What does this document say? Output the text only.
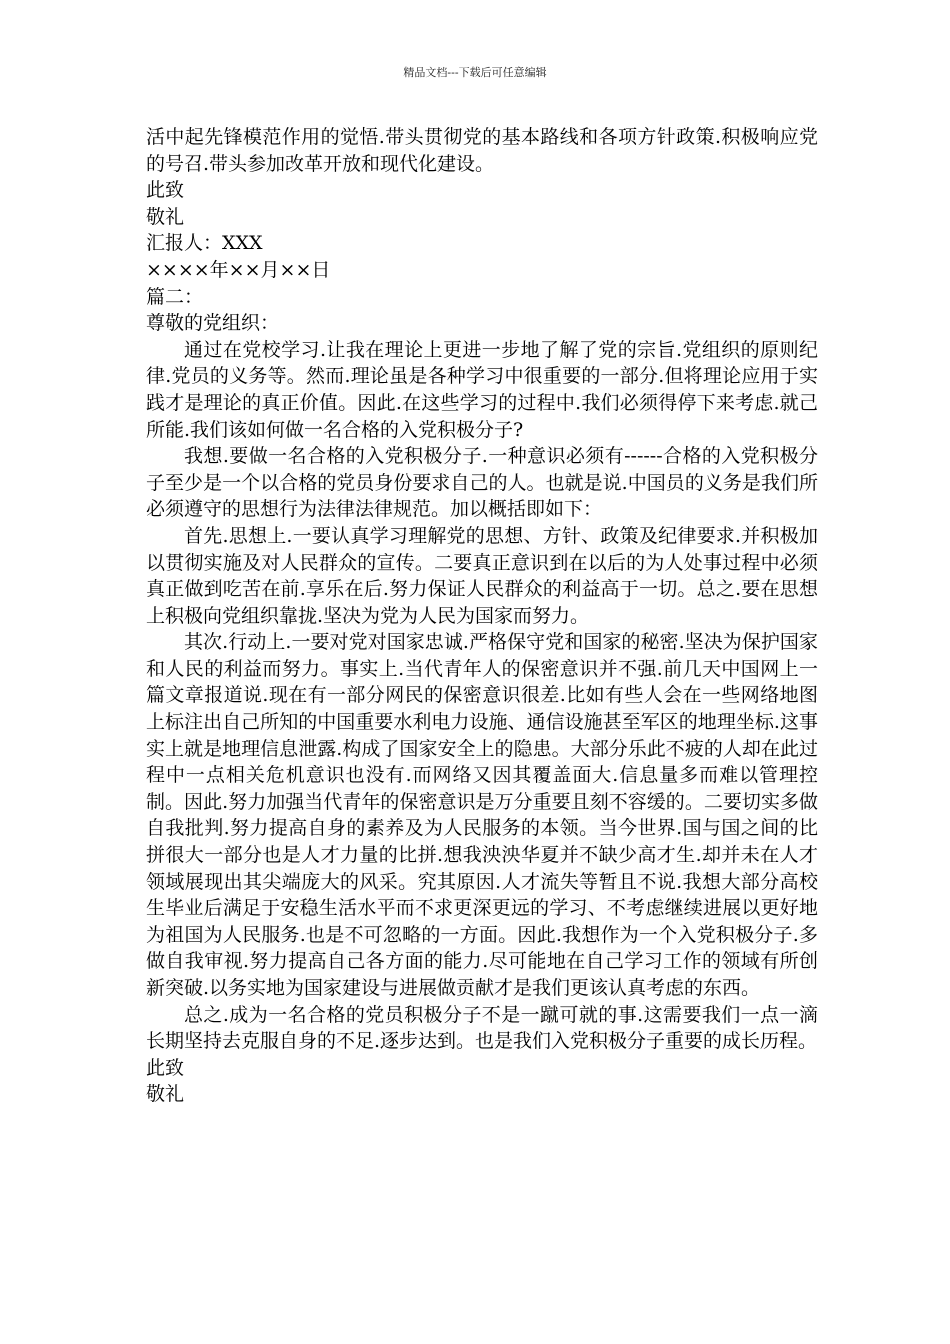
精品文档---下载后可任意编辑

活中起先锋模范作用的觉悟.带头贯彻党的基本路线和各项方针政策.积极响应党的号召.带头参加改革开放和现代化建设。

此致

敬礼

汇报人：XXX

××××年××月××日

篇二：

尊敬的党组织：

通过在党校学习.让我在理论上更进一步地了解了党的宗旨.党组织的原则纪律.党员的义务等。然而.理论虽是各种学习中很重要的一部分.但将理论应用于实践才是理论的真正价值。因此.在这些学习的过程中.我们必须得停下来考虑.就己所能.我们该如何做一名合格的入党积极分子?

我想.要做一名合格的入党积极分子.一种意识必须有------合格的入党积极分子至少是一个以合格的党员身份要求自己的人。也就是说.中国员的义务是我们所必须遵守的思想行为法律法律规范。加以概括即如下：

首先.思想上.一要认真学习理解党的思想、方针、政策及纪律要求.并积极加以贯彻实施及对人民群众的宣传。二要真正意识到在以后的为人处事过程中必须真正做到吃苦在前.享乐在后.努力保证人民群众的利益高于一切。总之.要在思想上积极向党组织靠拢.坚决为党为人民为国家而努力。

其次.行动上.一要对党对国家忠诚.严格保守党和国家的秘密.坚决为保护国家和人民的利益而努力。事实上.当代青年人的保密意识并不强.前几天中国网上一篇文章报道说.现在有一部分网民的保密意识很差.比如有些人会在一些网络地图上标注出自己所知的中国重要水利电力设施、通信设施甚至军区的地理坐标.这事实上就是地理信息泄露.构成了国家安全上的隐患。大部分乐此不疲的人却在此过程中一点相关危机意识也没有.而网络又因其覆盖面大.信息量多而难以管理控制。因此.努力加强当代青年的保密意识是万分重要且刻不容缓的。二要切实多做自我批判.努力提高自身的素养及为人民服务的本领。当今世界.国与国之间的比拼很大一部分也是人才力量的比拼.想我泱泱华夏并不缺少高才生.却并未在人才领域展现出其尖端庞大的风采。究其原因.人才流失等暂且不说.我想大部分高校生毕业后满足于安稳生活水平而不求更深更远的学习、不考虑继续进展以更好地为祖国为人民服务.也是不可忽略的一方面。因此.我想作为一个入党积极分子.多做自我审视.努力提高自己各方面的能力.尽可能地在自己学习工作的领域有所创新突破.以务实地为国家建设与进展做贡献才是我们更该认真考虑的东西。

总之.成为一名合格的党员积极分子不是一蹴可就的事.这需要我们一点一滴长期坚持去克服自身的不足.逐步达到。也是我们入党积极分子重要的成长历程。

此致

敬礼
